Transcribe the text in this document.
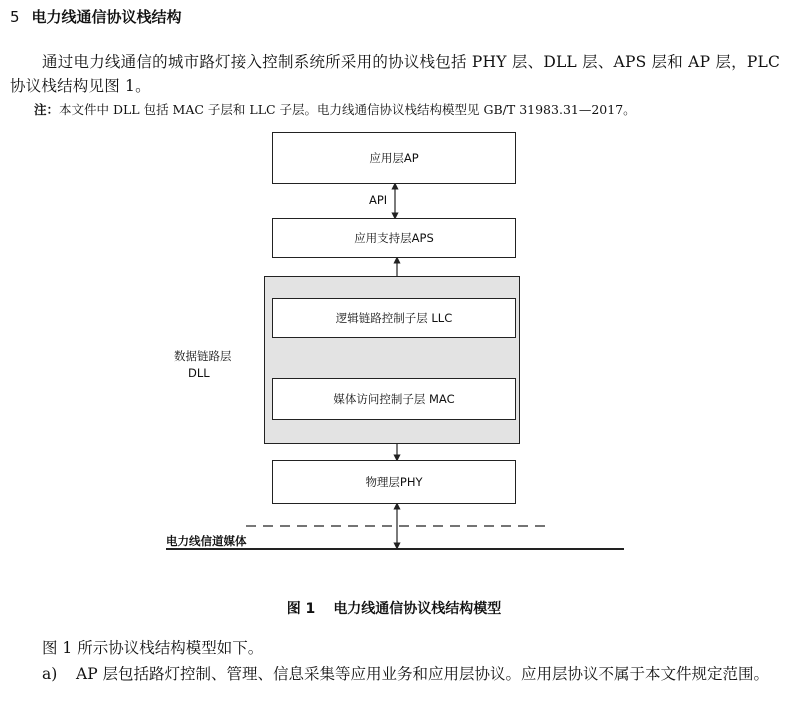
5 电力线通信协议栈结构
通过电力线通信的城市路灯接入控制系统所采用的协议栈包括 PHY 层、DLL 层、APS 层和 AP 层，PLC 协议栈结构见图 1。
注：本文件中 DLL 包括 MAC 子层和 LLC 子层。电力线通信协议栈结构模型见 GB/T 31983.31—2017。
应用层AP
API
应用支持层APS
逻辑链路控制子层 LLC
媒体访问控制子层 MAC
数据链路层
DLL
物理层PHY
电力线信道媒体
图 1 电力线通信协议栈结构模型
图 1 所示协议栈结构模型如下。
a) AP 层包括路灯控制、管理、信息采集等应用业务和应用层协议。应用层协议不属于本文件规定范围。
